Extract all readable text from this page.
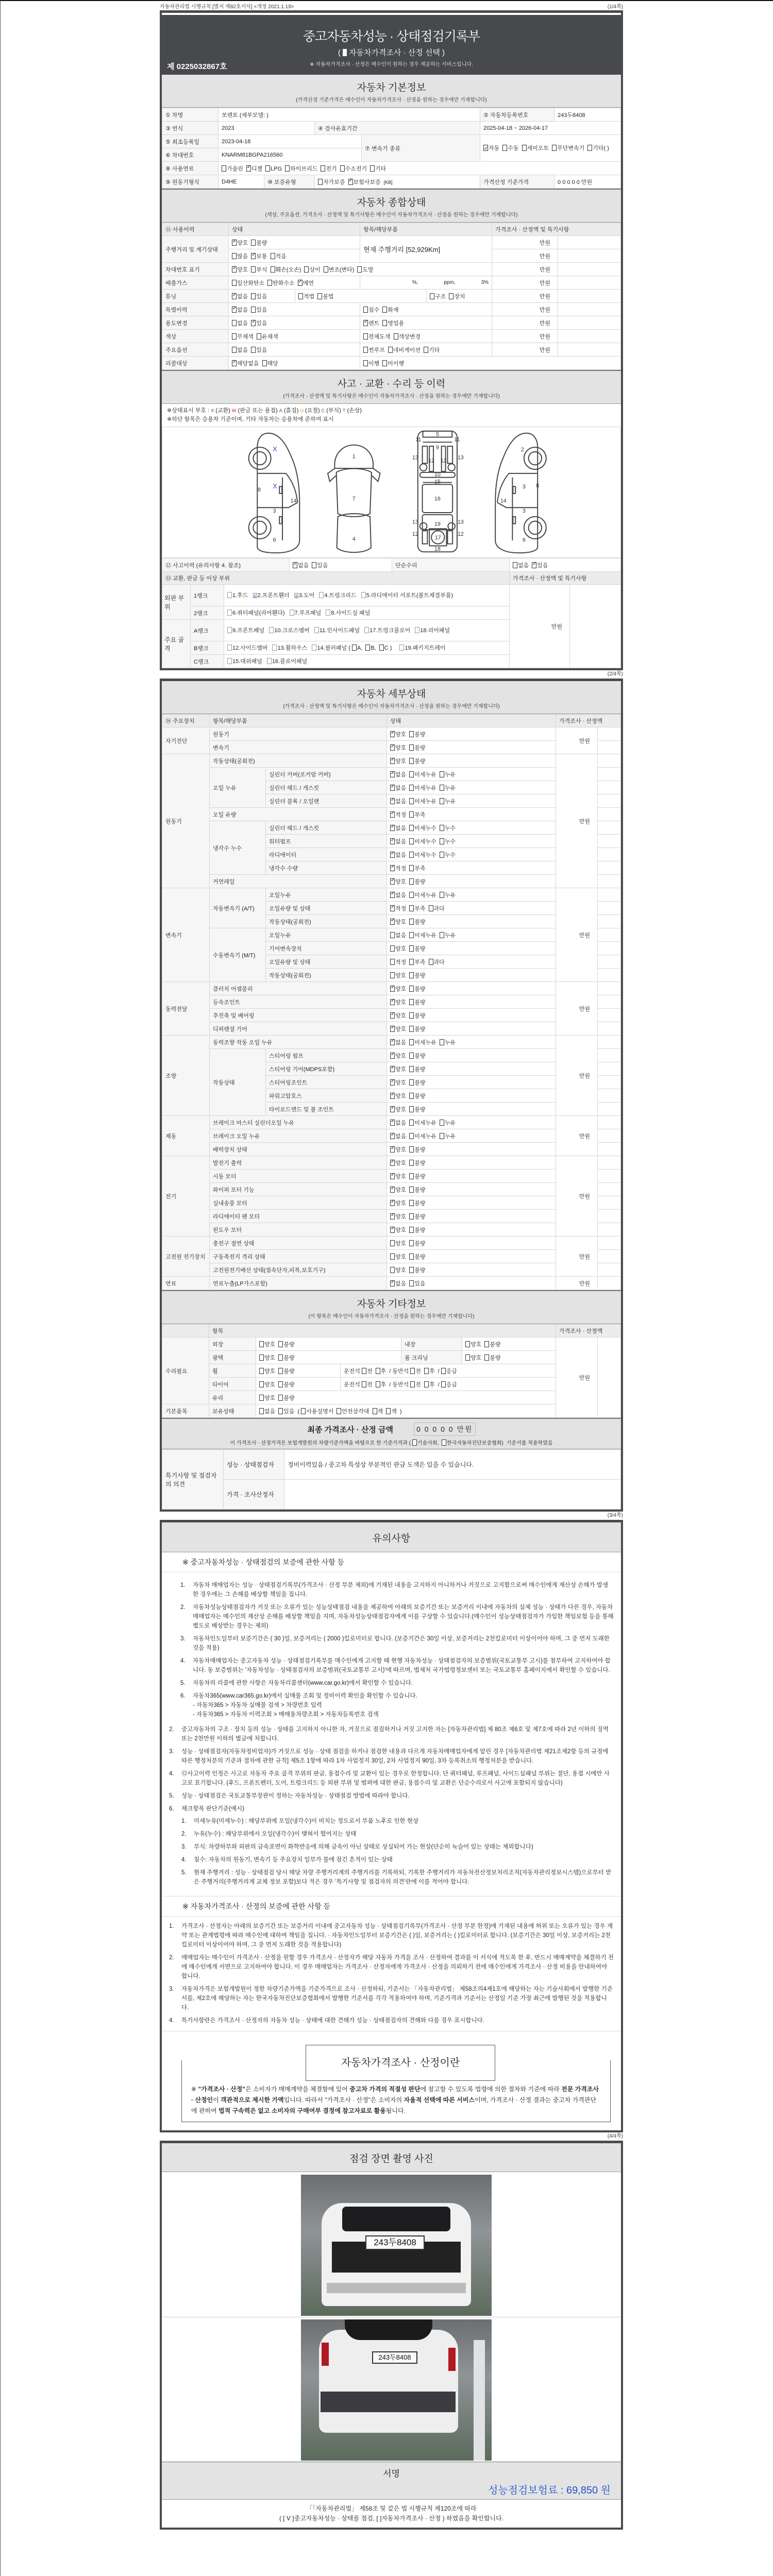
자동차관리법 시행규칙 [별지 제82호서식] <개정 2021.1.19>	(1/4쪽)
중고자동차성능 · 상태점검기록부
( 자동차가격조사 · 산정 선택 )
※ 자동차가격조사 · 산정은 매수인이 원하는 경우 제공하는 서비스입니다.
제 0225032867호
자동차 기본정보
(가격산정 기준가격은 매수인이 자동차가격조사 · 산정을 원하는 경우에만 기재합니다)
① 차명	쏘렌토 (세부모델: )				② 자동차등록번호	243두8408
③ 연식	2023		④ 검사유효기간		2025-04-18 ~ 2026-04-17	
⑤ 최초등록일	2023-04-18			⑦ 변속기 종류	✓자동 수동 세미오토 무단변속기 기타( )
⑥ 차대번호	KNARM81BGPA216560					
⑧ 사용연료	가솔린 ✓ 디젤 LPG 하이브리드 전기 수소전기 기타
⑨ 원동기형식	D4HE	⑩ 보증유형	자가보증 ✓ 보험사보증 [KB]		가격산정 기준가격	0 0 0 0 0 만원
자동차 종합상태
(색상, 주요옵션, 가격조사 · 산정액 및 특기사항은 매수인이 자동차가격조사 · 산정을 원하는 경우에만 기재합니다)
⑪ 사용이력	상태		항목/해당부품		가격조사 · 산정액 및 특기사항	
주행거리 및 계기상태	✓양호 불량		현재 주행거리 [52,929Km]		만원	
	많음 ✓ 보통 적음				만원	
차대번호 표기	✓양호 부식 훼손(오손) 상이 변조(변타) 도말				만원	
배출가스	일산화탄소 탄화수소 ✓ 매연		%, ppm, 3%		만원	
튜닝	✓없음 있음	적법 불법		구조 장치	만원	
특별이력	✓없음 있음		침수 화재		만원	
용도변경	없음 ✓ 있음	✓렌트 영업용		만원	
색상	무채색 유채색		전체도색 색상변경		만원	
주요옵션	없음 있음		썬루프 네비게이션 기타		만원	
리콜대상	✓해당없음 해당		이행 미이행			
사고 · 교환 · 수리 등 이력
(가격조사 · 산정액 및 특기사항은 매수인이 자동차가격조사 · 산정을 원하는 경우에만 기재합니다)
※상태표시 부호 : X (교환) W (판금 또는 용접) A (흠집) U (요철) C (부식) T (손상)
※하단 항목은 승용차 기준이며, 기타 자동차는 승용차에 준하여 표시
1
7
4
8
3
6
14
5
9
11	11
12 12
13	13
10
15
16
13	13
19
12	12
17
18
2
8
3
14
3
6
X
X
⑫ 사고이력 (유의사항 4. 참조)	✓없음 있음	단순수리	없음 ✓ 있음
⑬ 교환, 판금 등 이상 부위					가격조사 · 산정액 및 특기사항	
외판 부위	1랭크	1.후드 x 2.프론트휀더 x 3.도어 4.트렁크리드 5.라디에이터 서포트(볼트체결부품)			만원	
	2랭크	6.쿼터패널(리어휀다) 7.루프패널 8.사이드실 패널				
주요 골격	A랭크	9.프론트패널 10.크로스멤버 11.인사이드패널 17.트렁크플로어 18.리어패널				
	B랭크	12.사이드멤버 13.휠하우스 14.필러패널 ( A, B, C ) 19.패키지트레이				
	C랭크	15.대쉬패널 16.플로어패널				
(2/4쪽)
자동차 세부상태
(가격조사 · 산정액 및 특기사항은 매수인이 자동차가격조사 · 산정을 원하는 경우에만 기재합니다)
⑭ 주요장치	항목/해당부품		상태	가격조사 · 산정액	
자기진단	원동기	✓양호 불량	만원	
	변속기	✓양호 불량	
원동기	작동상태(공회전)	✓양호 불량	만원	
	오일 누유	실린더 커버(로커암 커버)	✓없음 미세누유 누유	
		실린더 헤드 / 개스킷	✓없음 미세누유 누유	
		실린더 블록 / 오일팬	✓없음 미세누유 누유	
	오일 유량	✓적정 부족	
	냉각수 누수	실린더 헤드 / 개스킷	✓없음 미세누수 누수	
		워터펌프	✓없음 미세누수 누수	
		라디에이터	✓없음 미세누수 누수	
		냉각수 수량	✓적정 부족	
	커먼레일	✓양호 불량	
변속기	자동변속기 (A/T)	오일누유	✓없음 미세누유 누유	만원	
		오일유량 및 상태	✓적정 부족 과다	
		작동상태(공회전)	✓양호 불량	
	수동변속기 (M/T)	오일누유	없음 미세누유 누유		
		기어변속장치	양호 불량		
		오일유량 및 상태	적정 부족 과다		
		작동상태(공회전)	양호 불량		
동력전달	클러치 어셈블리	✓양호 불량	만원	
	등속조인트	✓양호 불량	
	추진축 및 베어링	✓양호 불량	
	디퍼렌셜 기어	✓양호 불량	
조향	동력조향 작동 오일 누유	✓없음 미세누유 누유	만원	
	작동상태	스티어링 펌프	✓양호 불량	
		스티어링 기어(MDPS포함)	✓양호 불량	
		스티어링조인트	✓양호 불량	
		파워고압호스	✓양호 불량	
		타이로드엔드 및 볼 조인트	✓양호 불량	
제동	브레이크 마스터 실린더오일 누유	✓없음 미세누유 누유	만원	
	브레이크 오일 누유	✓없음 미세누유 누유	
	배력장치 상태	✓양호 불량	
전기	발전기 출력	✓양호 불량	만원	
	시동 모터	✓양호 불량	
	와이퍼 모터 기능	✓양호 불량	
	실내송풍 모터	✓양호 불량	
	라디에이터 팬 모터	✓양호 불량	
	윈도우 모터	✓양호 불량	
고전원 전기장치	충전구 절연 상태		양호 불량	만원	
	구동축전지 격리 상태		양호 불량		
	고전원전기배선 상태(접속단자,피복,보호기구)		양호 불량		
연료	연료누출(LP가스포함)	✓없음 있음	만원	
자동차 기타정보
(이 항목은 매수인이 자동차가격조사 · 산정을 원하는 경우에만 기재합니다)
	항목					가격조사 · 산정액	
수리필요	외장	양호 불량		내장	양호 불량	만원	
	광택	양호 불량		룸 크리닝	양호 불량		
	휠	양호 불량	운전석 전 후 / 동반석 전 후 / 응급				
	타이어	양호 불량	운전석 전 후 / 동반석 전 후 / 응급				
	유리	양호 불량					
기본품목	보유상태	없음 있음 ( 사용설명서 안전삼각대 잭 잭 )					
최종 가격조사 · 산정 금액	0 0 0 0 0 만원
이 가격조사 · 산정가격은 보험개발원의 차량기준가액을 바탕으로 한 기준가격과 ( 기술사회, 한국자동차진단보증협회) 기준서를 적용하였음
특기사항 및 점검자의 의견	성능 · 상태점검자	정비이력있음 / 중고차 특성상 부분적인 판금 도색은 있을 수 있습니다.
	가격 · 조사산정자	
(3/4쪽)
유의사항
※ 중고자동차성능 · 상태점검의 보증에 관한 사항 등
1.	자동차 매매업자는 성능 · 상태점검기록부(가격조사 · 산정 부분 제외)에 기재된 내용을 고지하지 아니하거나 거짓으로 고지함으로써 매수인에게 재산상 손해가 발생한 경우에는 그 손해를 배상할 책임을 집니다.
2.	자동차성능상태점검자가 거짓 또는 오류가 있는 성능상태점검 내용을 제공하여 아래의 보증기간 또는 보증거리 이내에 자동차의 실제 성능 · 상태가 다른 경우, 자동차매매업자는 매수인의 재산상 손해를 배상할 책임을 지며, 자동차성능상태점검자에게 이를 구상할 수 있습니다.(매수인이 성능상태점검자가 가입한 책임보험 등을 통해 별도로 배상받는 경우는 제외)
3.	자동차인도일부터 보증기간은 ( 30 )일, 보증거리는 ( 2000 )킬로미터로 합니다. (보증기간은 30일 이상, 보증거리는 2천킬로미터 이상이어야 하며, 그 중 먼저 도래한 것을 적용)
4.	자동차매매업자는 중고자동차 성능 · 상태점검기록부를 매수인에게 고지할 때 현행 자동차성능 · 상태점검자의 보증범위(국토교통부 고시)를 첨부하여 고지하여야 합니다. 동 보증범위는 '자동차성능 · 상태점검자의 보증범위(국토교통부 고시)'에 따르며, 법제처 국가법령정보센터 또는 국토교통부 홈페이지에서 확인할 수 있습니다.
5.	자동차의 리콜에 관한 사항은 자동차리콜센터(www.car.go.kr)에서 확인할 수 있습니다.
6.	자동차365(www.car365.go.kr)에서 실매물 조회 및 정비이력 확인을 확인할 수 있습니다.
- 자동차365 > 자동차 실매물 검색 > 차량번호 입력
- 자동차365 > 자동차 이력조회 > 매매용차량조회 > 자동차등록번호 검색
2.	중고자동차의 구조 · 장치 등의 성능 · 상태를 고지하지 아니한 자, 거짓으로 점검하거나 거짓 고지한 자는 [자동차관리법] 제 80조 제6호 및 제7호에 따라 2년 이하의 징역 또는 2천만원 이하의 벌금에 처합니다.
3.	성능 · 상태점검자(자동차정비업자)가 거짓으로 성능 · 상태 점검을 하거나 점검한 내용과 다르게 자동차매매업자에게 알린 경우 [자동차관리법 제21조제2항 등의 규정에 따른 행정처분의 기준과 절차에 관한 규칙] 제5조 1항에 따라 1차 사업정지 30일, 2차 사업정지 90일, 3차 등록취소의 행정처분을 받습니다.
4.	⑫사고이력 인정은 사고로 자동차 주요 골격 부위의 판금, 용접수리 및 교환이 있는 경우로 한정합니다. 단 쿼터패널, 루프패널, 사이드실패널 부위는 절단, 용접 시에만 사고로 표기합니다. (후드, 프론트펜더, 도어, 트렁크리드 등 외판 부위 및 범퍼에 대한 판금, 용접수리 및 교환은 단순수리로서 사고에 포함되지 않습니다)
5.	성능 · 상태점검은 국토교통부장관이 정하는 자동차성능 · 상태점검 방법에 따라야 합니다.
6.	체크항목 판단기준(예시)
1.	미세누유(미세누수) : 해당부위에 오일(냉각수)이 비치는 정도로서 부품 노후로 인한 현상
2.	누유(누수) : 해당부위에서 오일(냉각수)이 맺혀서 떨어지는 상태
3.	부식: 차량하부와 외판의 금속표면이 화학반응에 의해 금속이 아닌 상태로 상실되어 가는 현상(단순히 녹슬어 있는 상태는 제외합니다)
4.	침수: 자동차의 원동기, 변속기 등 주요장치 일부가 물에 잠긴 흔적이 있는 상태
5.	현재 주행거리 : 성능 · 상태점검 당시 해당 차량 주행거리계의 주행거리를 기록하되, 기록한 주행거리가 자동차전산정보처리조직(자동차관리정보시스템)으로부터 받은 주행거리(주행거리계 교체 정보 포함)보다 적은 경우 '특기사항 및 점검자의 의견'란에 이를 적어야 합니다.
※ 자동차가격조사 · 산정의 보증에 관한 사항 등
1.	가격조사 · 산정자는 아래의 보증기간 또는 보증거리 이내에 중고자동차 성능 · 상태점검기록부(가격조사 · 산정 부분 한정)에 기재된 내용에 허위 또는 오류가 있는 경우 계약 또는 관계법령에 따라 매수인에 대하여 책임을 집니다. · 자동차인도일부터 보증기간은 ( )일, 보증거리는 ( )킬로미터로 합니다. (보증기간은 30일 이상, 보증거리는 2천킬로미터 이상이어야 하며, 그 중 먼저 도래한 것을 적용합니다)
2.	매매업자는 매수인이 가격조사 · 산정을 원할 경우 가격조사 · 산정자가 해당 자동차 가격을 조사 · 산정하여 결과를 이 서식에 적도록 한 후, 반드시 매매계약을 체결하기 전에 매수인에게 서면으로 고지하여야 합니다. 이 경우 매매업자는 가격조사 · 산정자에게 가격조사 · 산정을 의뢰하기 전에 매수인에게 가격조사 · 산정 비용을 안내하여야 합니다.
3.	자동차가격은 보험개발원이 정한 차량기준가액을 기준가격으로 조사 · 산정하되, 기준서는 「자동차관리법」 제58조의4제1호에 해당하는 자는 기술사회에서 발행한 기준서를, 제2호에 해당하는 자는 한국자동차진단보증협회에서 발행한 기준서를 각각 적용하여야 하며, 기준가격과 기준서는 산정일 기준 가장 최근에 발행된 것을 적용합니다.
4.	특기사항란은 가격조사 · 산정자의 자동차 성능 · 상태에 대한 견해가 성능 · 상태점검자의 견해와 다를 경우 표시합니다.
자동차가격조사 · 산정이란
※ "가격조사 · 산정"은 소비자가 매매계약을 체결함에 있어 중고차 가격의 적절성 판단에 참고할 수 있도록 법령에 의한 절차와 기준에 따라 전문 가격조사 · 산정인이 객관적으로 제시한 가액입니다. 따라서 "가격조사 · 산정"은 소비자의 자율적 선택에 따른 서비스이며, 가격조사 · 산정 결과는 중고차 가격판단에 관하여 법적 구속력은 없고 소비자의 구매여부 결정에 참고자료로 활용됩니다.
(4/4쪽)
점검 장면 촬영 사진
243두8408
243두8408
서명
성능점검보험료 : 69,850 원
「「자동차관리법」 제58조 및 같은 법 시행규칙 제120조에 따라
( [ V ]중고자동차성능 · 상태를 점검, [ ]자동차가격조사 · 산정 ) 하였음을 확인합니다.
